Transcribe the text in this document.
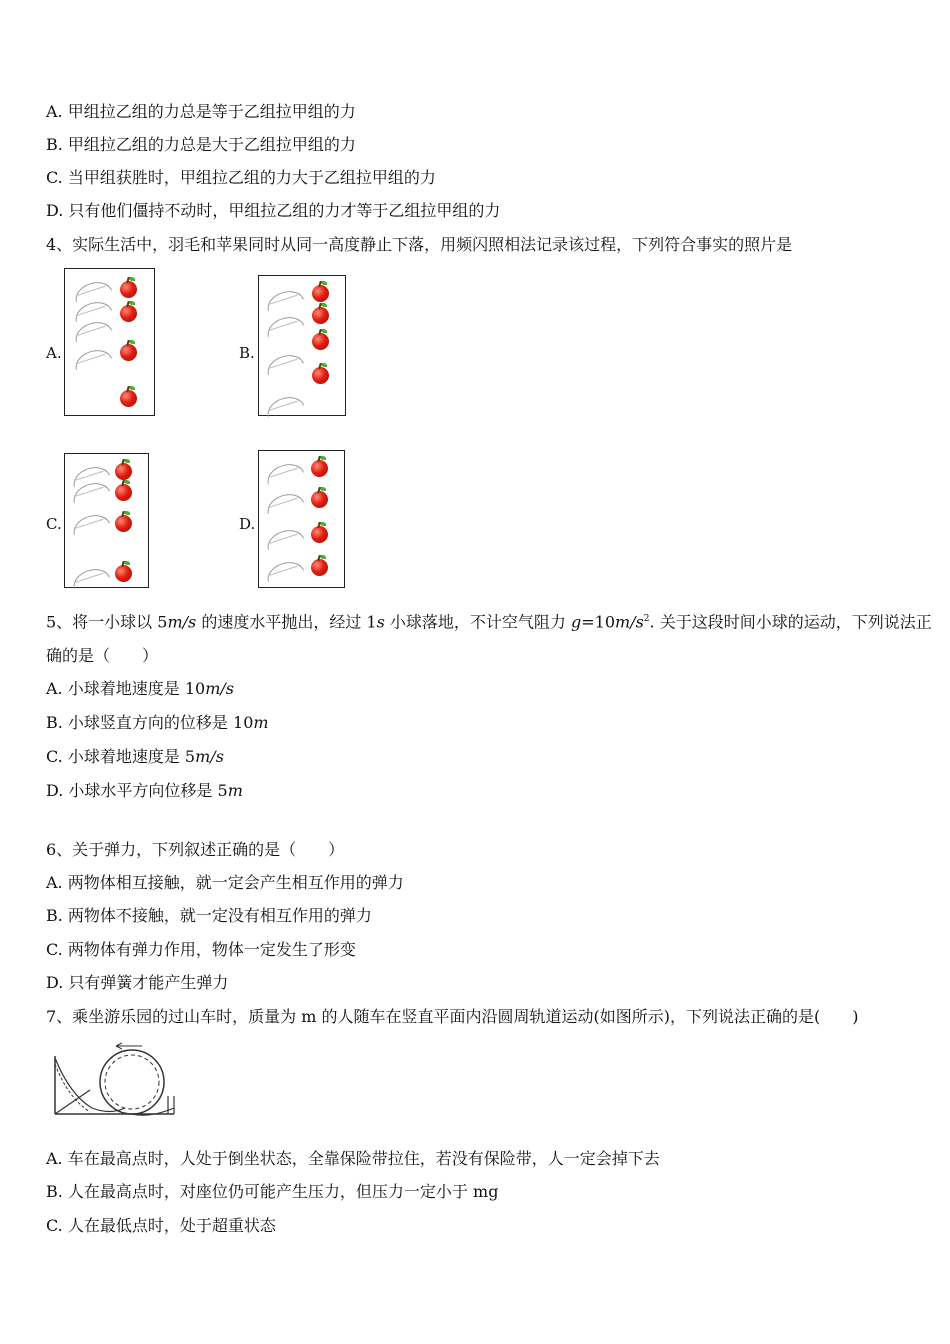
A. 甲组拉乙组的力总是等于乙组拉甲组的力
B. 甲组拉乙组的力总是大于乙组拉甲组的力
C. 当甲组获胜时，甲组拉乙组的力大于乙组拉甲组的力
D. 只有他们僵持不动时，甲组拉乙组的力才等于乙组拉甲组的力
4、实际生活中，羽毛和苹果同时从同一高度静止下落，用频闪照相法记录该过程，下列符合事实的照片是
A.	B.
C.	D.
5、将一小球以 5m/s 的速度水平抛出，经过 1s 小球落地，不计空气阻力 $g=10m/s^2$. 关于这段时间小球的运动，下列说法正
确的是（　　）
A. 小球着地速度是 10m/s
B. 小球竖直方向的位移是 10m
C. 小球着地速度是 5m/s
D. 小球水平方向位移是 5m
6、关于弹力，下列叙述正确的是（　　）
A. 两物体相互接触，就一定会产生相互作用的弹力
B. 两物体不接触，就一定没有相互作用的弹力
C. 两物体有弹力作用，物体一定发生了形变
D. 只有弹簧才能产生弹力
7、乘坐游乐园的过山车时，质量为 m 的人随车在竖直平面内沿圆周轨道运动(如图所示)，下列说法正确的是(　　)
A. 车在最高点时，人处于倒坐状态，全靠保险带拉住，若没有保险带，人一定会掉下去
B. 人在最高点时，对座位仍可能产生压力，但压力一定小于 mg
C. 人在最低点时，处于超重状态
